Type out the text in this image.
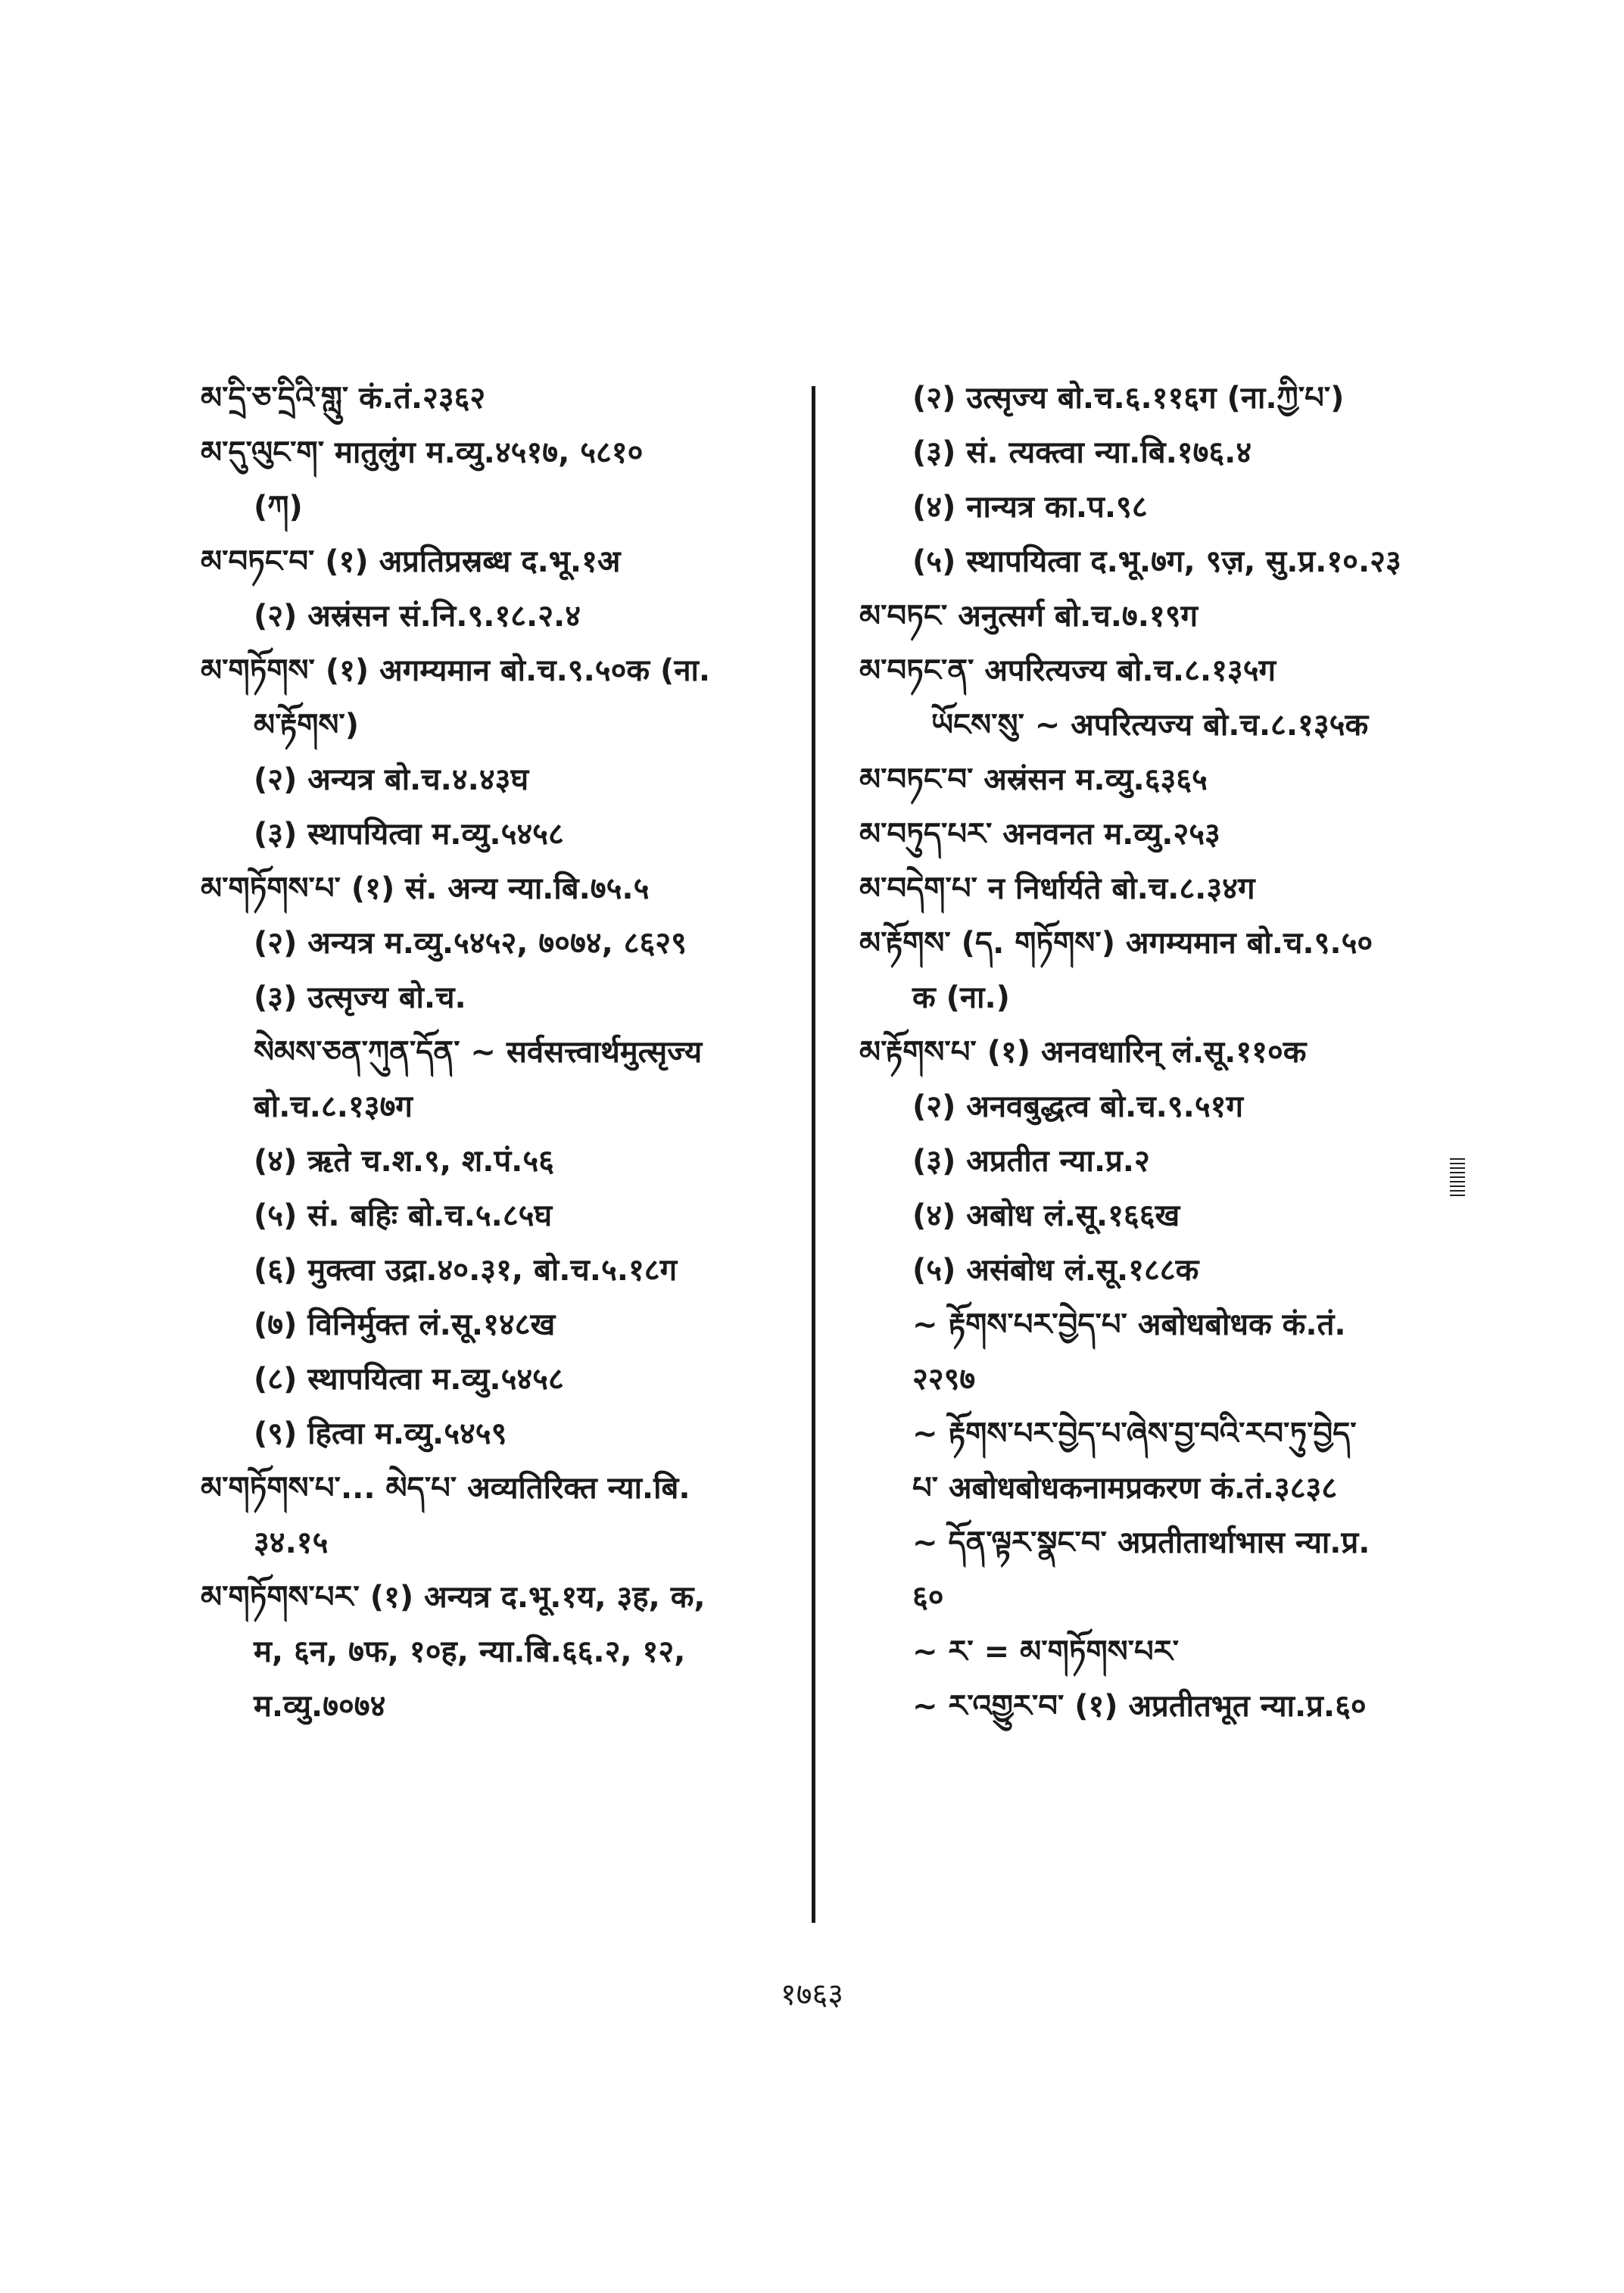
མ་དྲི་ཅ་དྲིའི་གླུ་ कं.तं.२३६२
མ་དུ་ལུང་ག་ मातुलुंग म.व्यु.४५१७, ५८१०
(ཀ)
མ་བཏང་བ་ (१) अप्रतिप्रस्रब्ध द.भू.१अ
(२) अस्रंसन सं.नि.९.१८.२.४
མ་གཏོགས་ (१) अगम्यमान बो.च.९.५०क (ना.
མ་རྟོགས་)
(२) अन्यत्र बो.च.४.४३घ
(३) स्थापयित्वा म.व्यु.५४५८
མ་གཏོགས་པ་ (१) सं. अन्य न्या.बि.७५.५
(२) अन्यत्र म.व्यु.५४५२, ७०७४, ८६२९
(३) उत्सृज्य बो.च.
སེམས་ཅན་ཀུན་དོན་ ~ सर्वसत्त्वार्थमुत्सृज्य
बो.च.८.१३७ग
(४) ऋते च.श.९, श.पं.५६
(५) सं. बहिः बो.च.५.८५घ
(६) मुक्त्वा उद्रा.४०.३१, बो.च.५.१८ग
(७) विनिर्मुक्त लं.सू.१४८ख
(८) स्थापयित्वा म.व्यु.५४५८
(९) हित्वा म.व्यु.५४५९
མ་གཏོགས་པ་... མེད་པ་ अव्यतिरिक्त न्या.बि.
३४.१५
མ་གཏོགས་པར་ (१) अन्यत्र द.भू.१य, ३ह, क,
म, ६न, ७फ, १०ह, न्या.बि.६६.२, १२,
म.व्यु.७०७४
(२) उत्सृज्य बो.च.६.११६ग (ना.ཀྱི་པ་)
(३) सं. त्यक्त्वा न्या.बि.१७६.४
(४) नान्यत्र का.प.९८
(५) स्थापयित्वा द.भू.७ग, ९ज़, सु.प्र.१०.२३
མ་བཏང་ अनुत्सर्ग बो.च.७.१९ग
མ་བཏང་ན་ अपरित्यज्य बो.च.८.१३५ग
ཡོངས་སུ་ ~ अपरित्यज्य बो.च.८.१३५क
མ་བཏང་བ་ अस्रंसन म.व्यु.६३६५
མ་བཏུད་པར་ अनवनत म.व्यु.२५३
མ་བདེག་པ་ न निर्धार्यते बो.च.८.३४ग
མ་རྟོགས་ (ད. གཏོགས་) अगम्यमान बो.च.९.५०
क (ना.)
མ་རྟོགས་པ་ (१) अनवधारिन् लं.सू.११०क
(२) अनवबुद्धत्व बो.च.९.५१ग
(३) अप्रतीत न्या.प्र.२
(४) अबोध लं.सू.१६६ख
(५) असंबोध लं.सू.१८८क
~ རྟོགས་པར་བྱེད་པ་ अबोधबोधक कं.तं.
२२९७
~ རྟོགས་པར་བྱེད་པ་ཞེས་བྱ་བའི་རབ་ཏུ་བྱེད་
པ་ अबोधबोधकनामप्रकरण कं.तं.३८३८
~ དོན་ལྟར་སྣང་བ་ अप्रतीतार्थाभास न्या.प्र.
६०
~ ར་ = མ་གཏོགས་པར་
~ ར་འགྱུར་བ་ (१) अप्रतीतभूत न्या.प्र.६०
१७६३
